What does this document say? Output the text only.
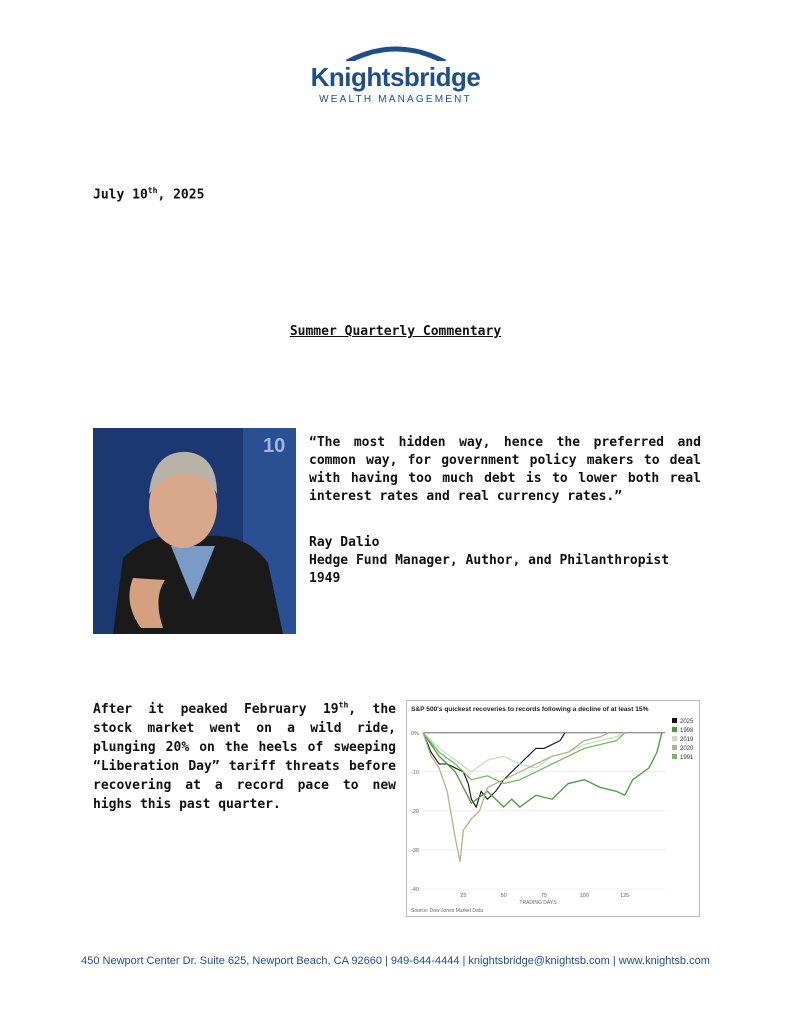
Knightsbridge
WEALTH MANAGEMENT
July 10th, 2025
Summer Quarterly Commentary
10 “The most hidden way, hence the preferred and common way, for government policy makers to deal with having too much debt is to lower both real interest rates and real currency rates.”
Ray Dalio
Hedge Fund Manager, Author, and Philanthropist
1949
After it peaked February 19th, the stock market went on a wild ride, plunging 20% on the heels of sweeping “Liberation Day” tariff threats before recovering at a record pace to new highs this past quarter.
S&P 500's quickest recoveries to records following a decline of at least 15%
0%
-10
-20
-30
-40
25	50	75	100	125
TRADING DAYS
Source: Dow Jones Market Data
2025
1998
2019
2020
1991
450 Newport Center Dr. Suite 625, Newport Beach, CA 92660 | 949-644-4444 | knightsbridge@knightsb.com | www.knightsb.com
